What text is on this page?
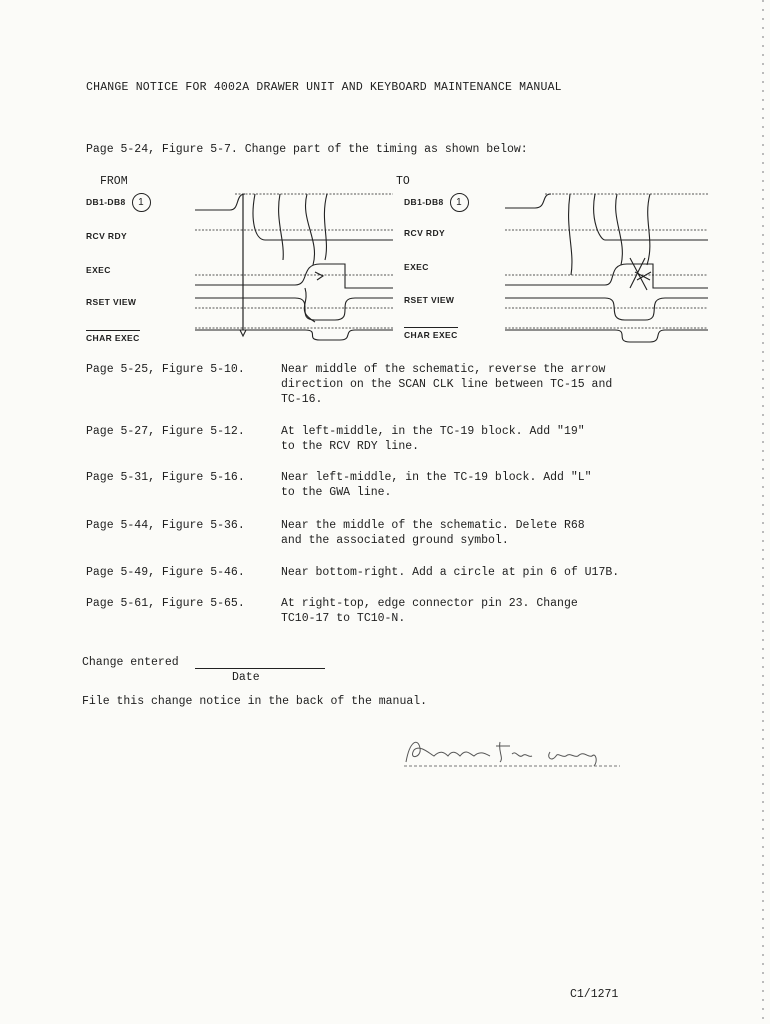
CHANGE NOTICE FOR 4002A DRAWER UNIT AND KEYBOARD MAINTENANCE MANUAL
Page 5-24, Figure 5-7. Change part of the timing as shown below:
FROM
DB1-DB8 1
RCV RDY
EXEC
RSET VIEW
CHAR EXEC
TO
DB1-DB8 1
RCV RDY
EXEC
RSET VIEW
CHAR EXEC
Page 5-25, Figure 5-10.	Near middle of the schematic, reverse the arrow
direction on the SCAN CLK line between TC-15 and
TC-16.
Page 5-27, Figure 5-12.	At left-middle, in the TC-19 block. Add "19"
to the RCV RDY line.
Page 5-31, Figure 5-16.	Near left-middle, in the TC-19 block. Add "L"
to the GWA line.
Page 5-44, Figure 5-36.	Near the middle of the schematic. Delete R68
and the associated ground symbol.
Page 5-49, Figure 5-46.	Near bottom-right. Add a circle at pin 6 of U17B.
Page 5-61, Figure 5-65.	At right-top, edge connector pin 23. Change
TC10-17 to TC10-N.
Change entered
Date
File this change notice in the back of the manual.
C1/1271
